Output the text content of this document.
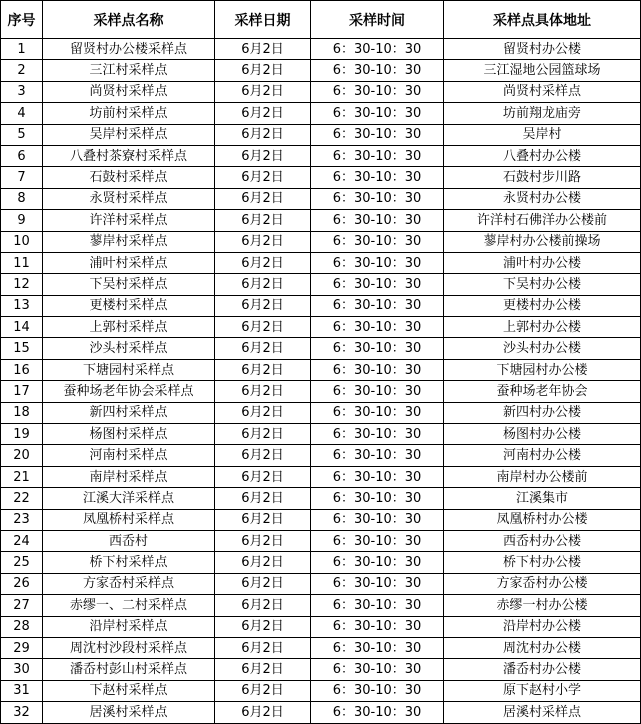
序号	采样点名称	采样日期	采样时间	采样点具体地址
1	留贤村办公楼采样点	6月2日	6：30-10：30	留贤村办公楼
2	三江村采样点	6月2日	6：30-10：30	三江湿地公园篮球场
3	尚贤村采样点	6月2日	6：30-10：30	尚贤村采样点
4	坊前村采样点	6月2日	6：30-10：30	坊前翔龙庙旁
5	吴岸村采样点	6月2日	6：30-10：30	吴岸村
6	八叠村茶寮村采样点	6月2日	6：30-10：30	八叠村办公楼
7	石鼓村采样点	6月2日	6：30-10：30	石鼓村步川路
8	永贤村采样点	6月2日	6：30-10：30	永贤村办公楼
9	许洋村采样点	6月2日	6：30-10：30	许洋村石佛洋办公楼前
10	蓼岸村采样点	6月2日	6：30-10：30	蓼岸村办公楼前操场
11	浦叶村采样点	6月2日	6：30-10：30	浦叶村办公楼
12	下吴村采样点	6月2日	6：30-10：30	下吴村办公楼
13	更楼村采样点	6月2日	6：30-10：30	更楼村办公楼
14	上郭村采样点	6月2日	6：30-10：30	上郭村办公楼
15	沙头村采样点	6月2日	6：30-10：30	沙头村办公楼
16	下塘园村采样点	6月2日	6：30-10：30	下塘园村办公楼
17	蚕种场老年协会采样点	6月2日	6：30-10：30	蚕种场老年协会
18	新四村采样点	6月2日	6：30-10：30	新四村办公楼
19	杨图村采样点	6月2日	6：30-10：30	杨图村办公楼
20	河南村采样点	6月2日	6：30-10：30	河南村办公楼
21	南岸村采样点	6月2日	6：30-10：30	南岸村办公楼前
22	江溪大洋采样点	6月2日	6：30-10：30	江溪集市
23	凤凰桥村采样点	6月2日	6：30-10：30	凤凰桥村办公楼
24	西岙村	6月2日	6：30-10：30	西岙村办公楼
25	桥下村采样点	6月2日	6：30-10：30	桥下村办公楼
26	方家岙村采样点	6月2日	6：30-10：30	方家岙村办公楼
27	赤缪一、二村采样点	6月2日	6：30-10：30	赤缪一村办公楼
28	沿岸村采样点	6月2日	6：30-10：30	沿岸村办公楼
29	周沈村沙段村采样点	6月2日	6：30-10：30	周沈村办公楼
30	潘岙村彭山村采样点	6月2日	6：30-10：30	潘岙村办公楼
31	下赵村采样点	6月2日	6：30-10：30	原下赵村小学
32	居溪村采样点	6月2日	6：30-10：30	居溪村采样点
